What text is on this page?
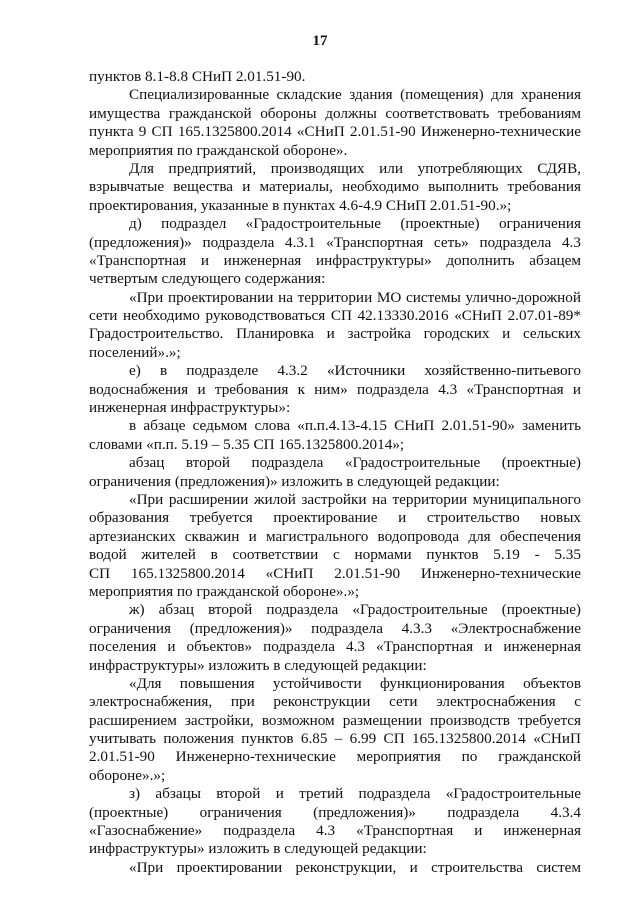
17
пунктов 8.1-8.8 СНиП 2.01.51-90.
Специализированные складские здания (помещения) для хранения
имущества гражданской обороны должны соответствовать требованиям
пункта 9 СП 165.1325800.2014 «СНиП 2.01.51-90 Инженерно-технические
мероприятия по гражданской обороне».
Для предприятий, производящих или употребляющих СДЯВ,
взрывчатые вещества и материалы, необходимо выполнить требования
проектирования, указанные в пунктах 4.6-4.9 СНиП 2.01.51-90.»;
д) подраздел «Градостроительные (проектные) ограничения
(предложения)» подраздела 4.3.1 «Транспортная сеть» подраздела 4.3
«Транспортная и инженерная инфраструктуры» дополнить абзацем
четвертым следующего содержания:
«При проектировании на территории МО системы улично-дорожной
сети необходимо руководствоваться СП 42.13330.2016 «СНиП 2.07.01-89*
Градостроительство. Планировка и застройка городских и сельских
поселений».»;
е) в подразделе 4.3.2 «Источники хозяйственно-питьевого
водоснабжения и требования к ним» подраздела 4.3 «Транспортная и
инженерная инфраструктуры»:
в абзаце седьмом слова «п.п.4.13-4.15 СНиП 2.01.51-90» заменить
словами «п.п. 5.19 – 5.35 СП 165.1325800.2014»;
абзац второй подраздела «Градостроительные (проектные)
ограничения (предложения)» изложить в следующей редакции:
«При расширении жилой застройки на территории муниципального
образования требуется проектирование и строительство новых
артезианских скважин и магистрального водопровода для обеспечения
водой жителей в соответствии с нормами пунктов 5.19 - 5.35
СП 165.1325800.2014 «СНиП 2.01.51-90 Инженерно-технические
мероприятия по гражданской обороне».»;
ж) абзац второй подраздела «Градостроительные (проектные)
ограничения (предложения)» подраздела 4.3.3 «Электроснабжение
поселения и объектов» подраздела 4.3 «Транспортная и инженерная
инфраструктуры» изложить в следующей редакции:
«Для повышения устойчивости функционирования объектов
электроснабжения, при реконструкции сети электроснабжения с
расширением застройки, возможном размещении производств требуется
учитывать положения пунктов 6.85 – 6.99 СП 165.1325800.2014 «СНиП
2.01.51-90 Инженерно-технические мероприятия по гражданской
обороне».»;
з) абзацы второй и третий подраздела «Градостроительные
(проектные) ограничения (предложения)» подраздела 4.3.4
«Газоснабжение» подраздела 4.3 «Транспортная и инженерная
инфраструктуры» изложить в следующей редакции:
«При проектировании реконструкции, и строительства систем
